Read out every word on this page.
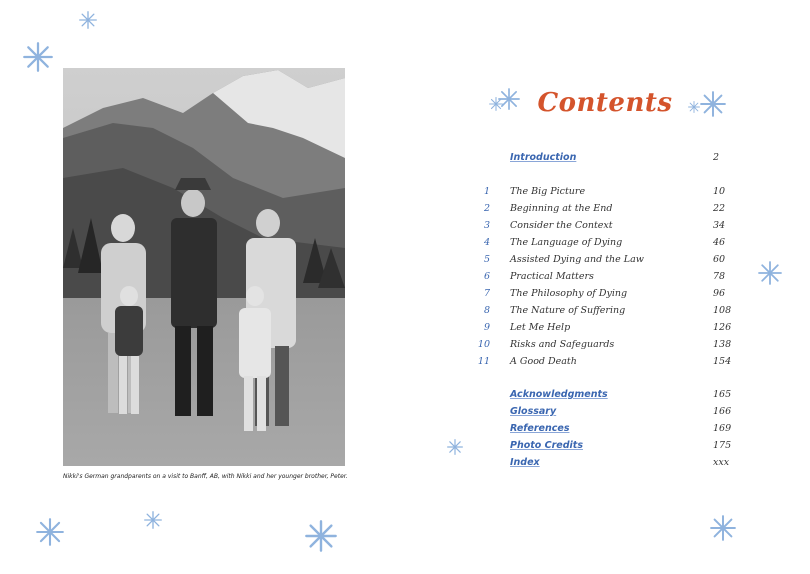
Nikki's German grandparents on a visit to Banff, AB, with Nikki and her younger brother, Peter.
Contents
Introduction	2
1 The Big Picture	10
2 Beginning at the End	22
3 Consider the Context	34
4 The Language of Dying	46
5 Assisted Dying and the Law	60
6 Practical Matters	78
7 The Philosophy of Dying	96
8 The Nature of Suffering	108
9 Let Me Help	126
10 Risks and Safeguards	138
11 A Good Death	154
Acknowledgments	165
Glossary	166
References	169
Photo Credits	175
Index	xxx
